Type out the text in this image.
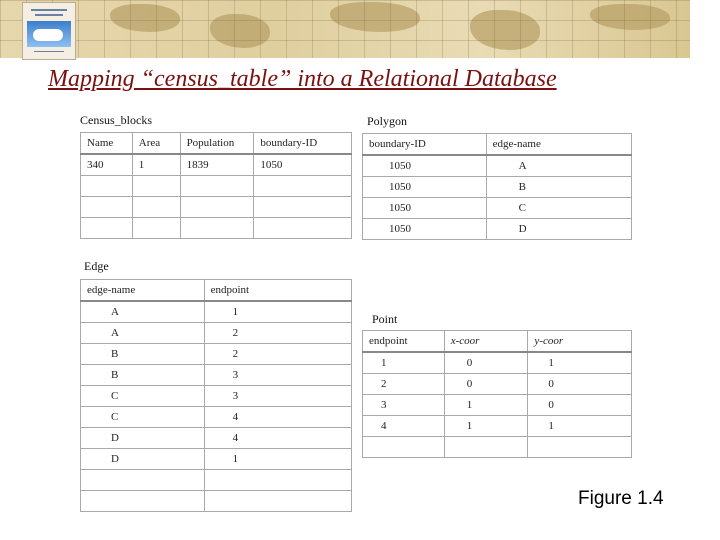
Mapping “census_table” into a Relational Database
Census_blocks
Name	Area	Population	boundary-ID
340	1	1839	1050

Polygon
boundary-ID	edge-name
1050	A
1050	B
1050	C
1050	D
Edge
edge-name	endpoint
A	1
A	2
B	2
B	3
C	3
C	4
D	4
D	1

Point
endpoint	x-coor	y-coor
1	0	1
2	0	0
3	1	0
4	1	1

Figure 1.4
